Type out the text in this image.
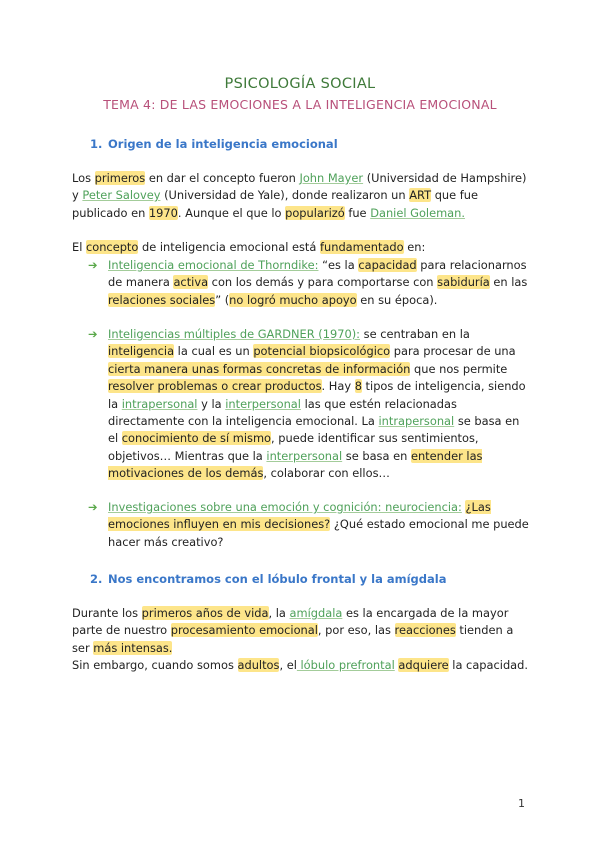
PSICOLOGÍA SOCIAL
TEMA 4: DE LAS EMOCIONES A LA INTELIGENCIA EMOCIONAL
1. Origen de la inteligencia emocional

Los primeros en dar el concepto fueron John Mayer (Universidad de Hampshire) y Peter Salovey (Universidad de Yale), donde realizaron un ART que fue publicado en 1970. Aunque el que lo popularizó fue Daniel Goleman.

El concepto de inteligencia emocional está fundamentado en:

➔ Inteligencia emocional de Thorndike: “es la capacidad para relacionarnos de manera activa con los demás y para comportarse con sabiduría en las relaciones sociales” (no logró mucho apoyo en su época).
➔ Inteligencias múltiples de GARDNER (1970): se centraban en la inteligencia la cual es un potencial biopsicológico para procesar de una cierta manera unas formas concretas de información que nos permite resolver problemas o crear productos. Hay 8 tipos de inteligencia, siendo la intrapersonal y la interpersonal las que estén relacionadas directamente con la inteligencia emocional. La intrapersonal se basa en el conocimiento de sí mismo, puede identificar sus sentimientos, objetivos… Mientras que la interpersonal se basa en entender las motivaciones de los demás, colaborar con ellos…
➔ Investigaciones sobre una emoción y cognición: neurociencia: ¿Las emociones influyen en mis decisiones? ¿Qué estado emocional me puede hacer más creativo?
2. Nos encontramos con el lóbulo frontal y la amígdala

Durante los primeros años de vida, la amígdala es la encargada de la mayor parte de nuestro procesamiento emocional, por eso, las reacciones tienden a ser más intensas.

Sin embargo, cuando somos adultos, el lóbulo prefrontal adquiere la capacidad.

1
